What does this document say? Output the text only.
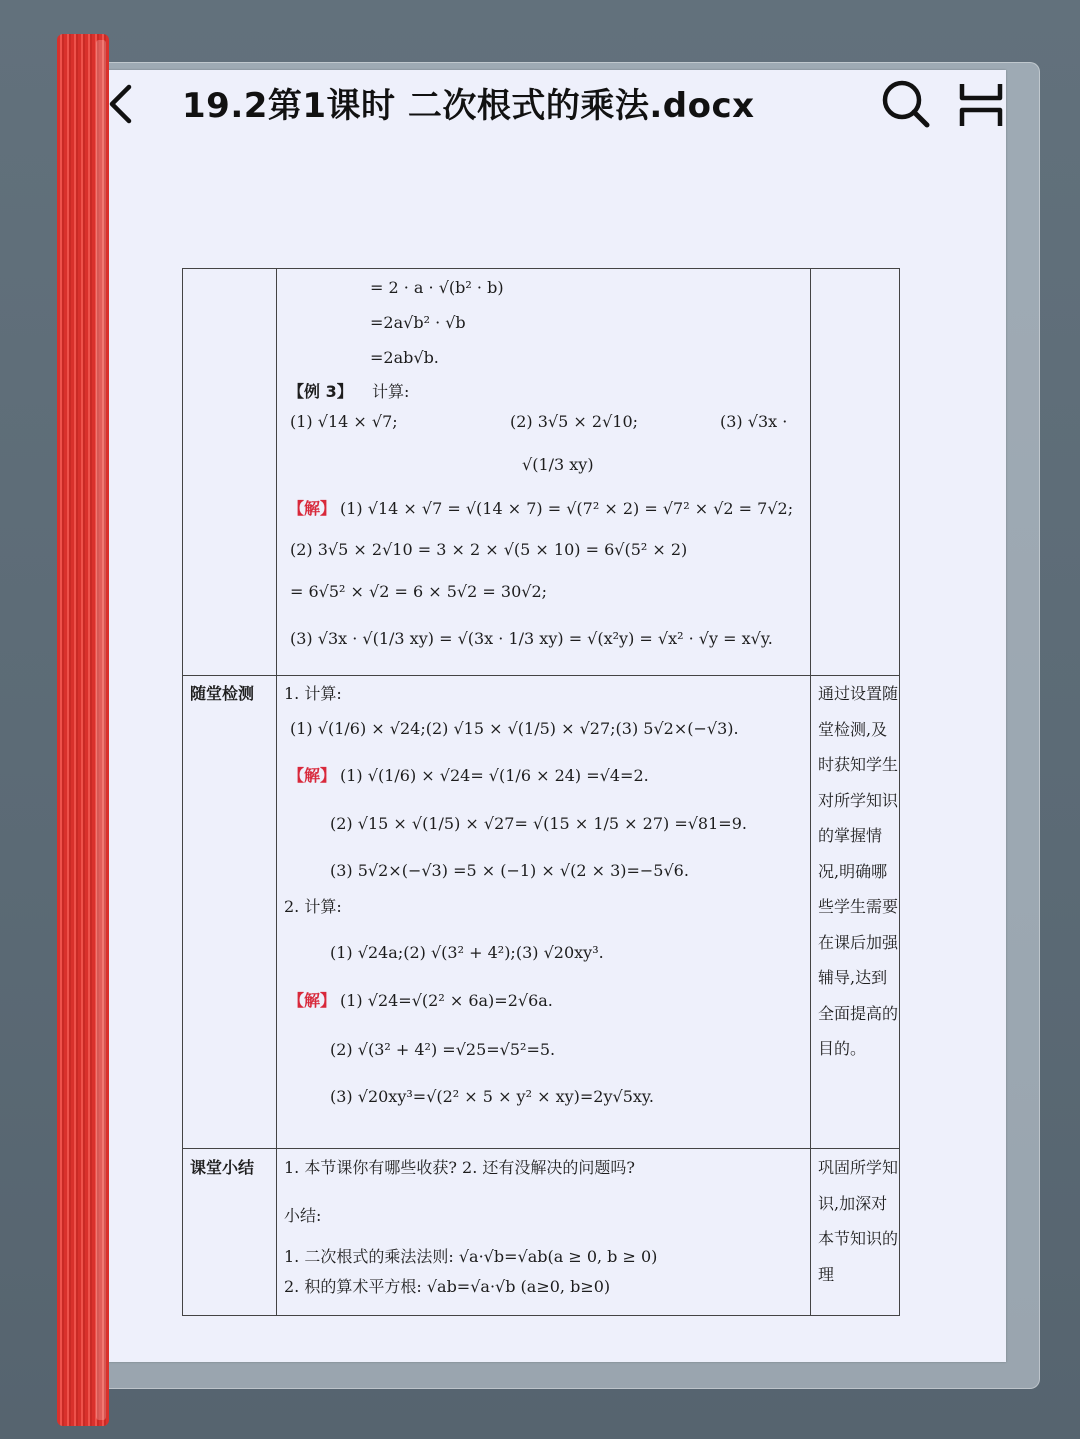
19.2第1课时 二次根式的乘法.docx
= 2 · a · √(b² · b)
=2a√b² · √b
=2ab√b.
【例 3】 计算:
(1) √14 × √7;	(2) 3√5 × 2√10;	(3) √3x ·
√(1/3 xy)
【解】 (1) √14 × √7 = √(14 × 7) = √(7² × 2) = √7² × √2 = 7√2;
(2) 3√5 × 2√10 = 3 × 2 × √(5 × 10) = 6√(5² × 2)
= 6√5² × √2 = 6 × 5√2 = 30√2;
(3) √3x · √(1/3 xy) = √(3x · 1/3 xy) = √(x²y) = √x² · √y = x√y.
随堂检测 1. 计算:
(1) √(1/6) × √24;(2) √15 × √(1/5) × √27;(3) 5√2×(−√3).
【解】 (1) √(1/6) × √24= √(1/6 × 24) =√4=2.
(2) √15 × √(1/5) × √27= √(15 × 1/5 × 27) =√81=9.
(3) 5√2×(−√3) =5 × (−1) × √(2 × 3)=−5√6.
2. 计算:
(1) √24a;(2) √(3² + 4²);(3) √20xy³.
【解】 (1) √24=√(2² × 6a)=2√6a.
(2) √(3² + 4²) =√25=√5²=5.
(3) √20xy³=√(2² × 5 × y² × xy)=2y√5xy.
通过设置随堂检测,及时获知学生对所学知识的掌握情况,明确哪些学生需要在课后加强辅导,达到全面提高的目的。
课堂小结 1. 本节课你有哪些收获? 2. 还有没解决的问题吗?
小结:
1. 二次根式的乘法法则: √a·√b=√ab(a ≥ 0, b ≥ 0)
2. 积的算术平方根: √ab=√a·√b (a≥0, b≥0)
巩固所学知识,加深对本节知识的理
